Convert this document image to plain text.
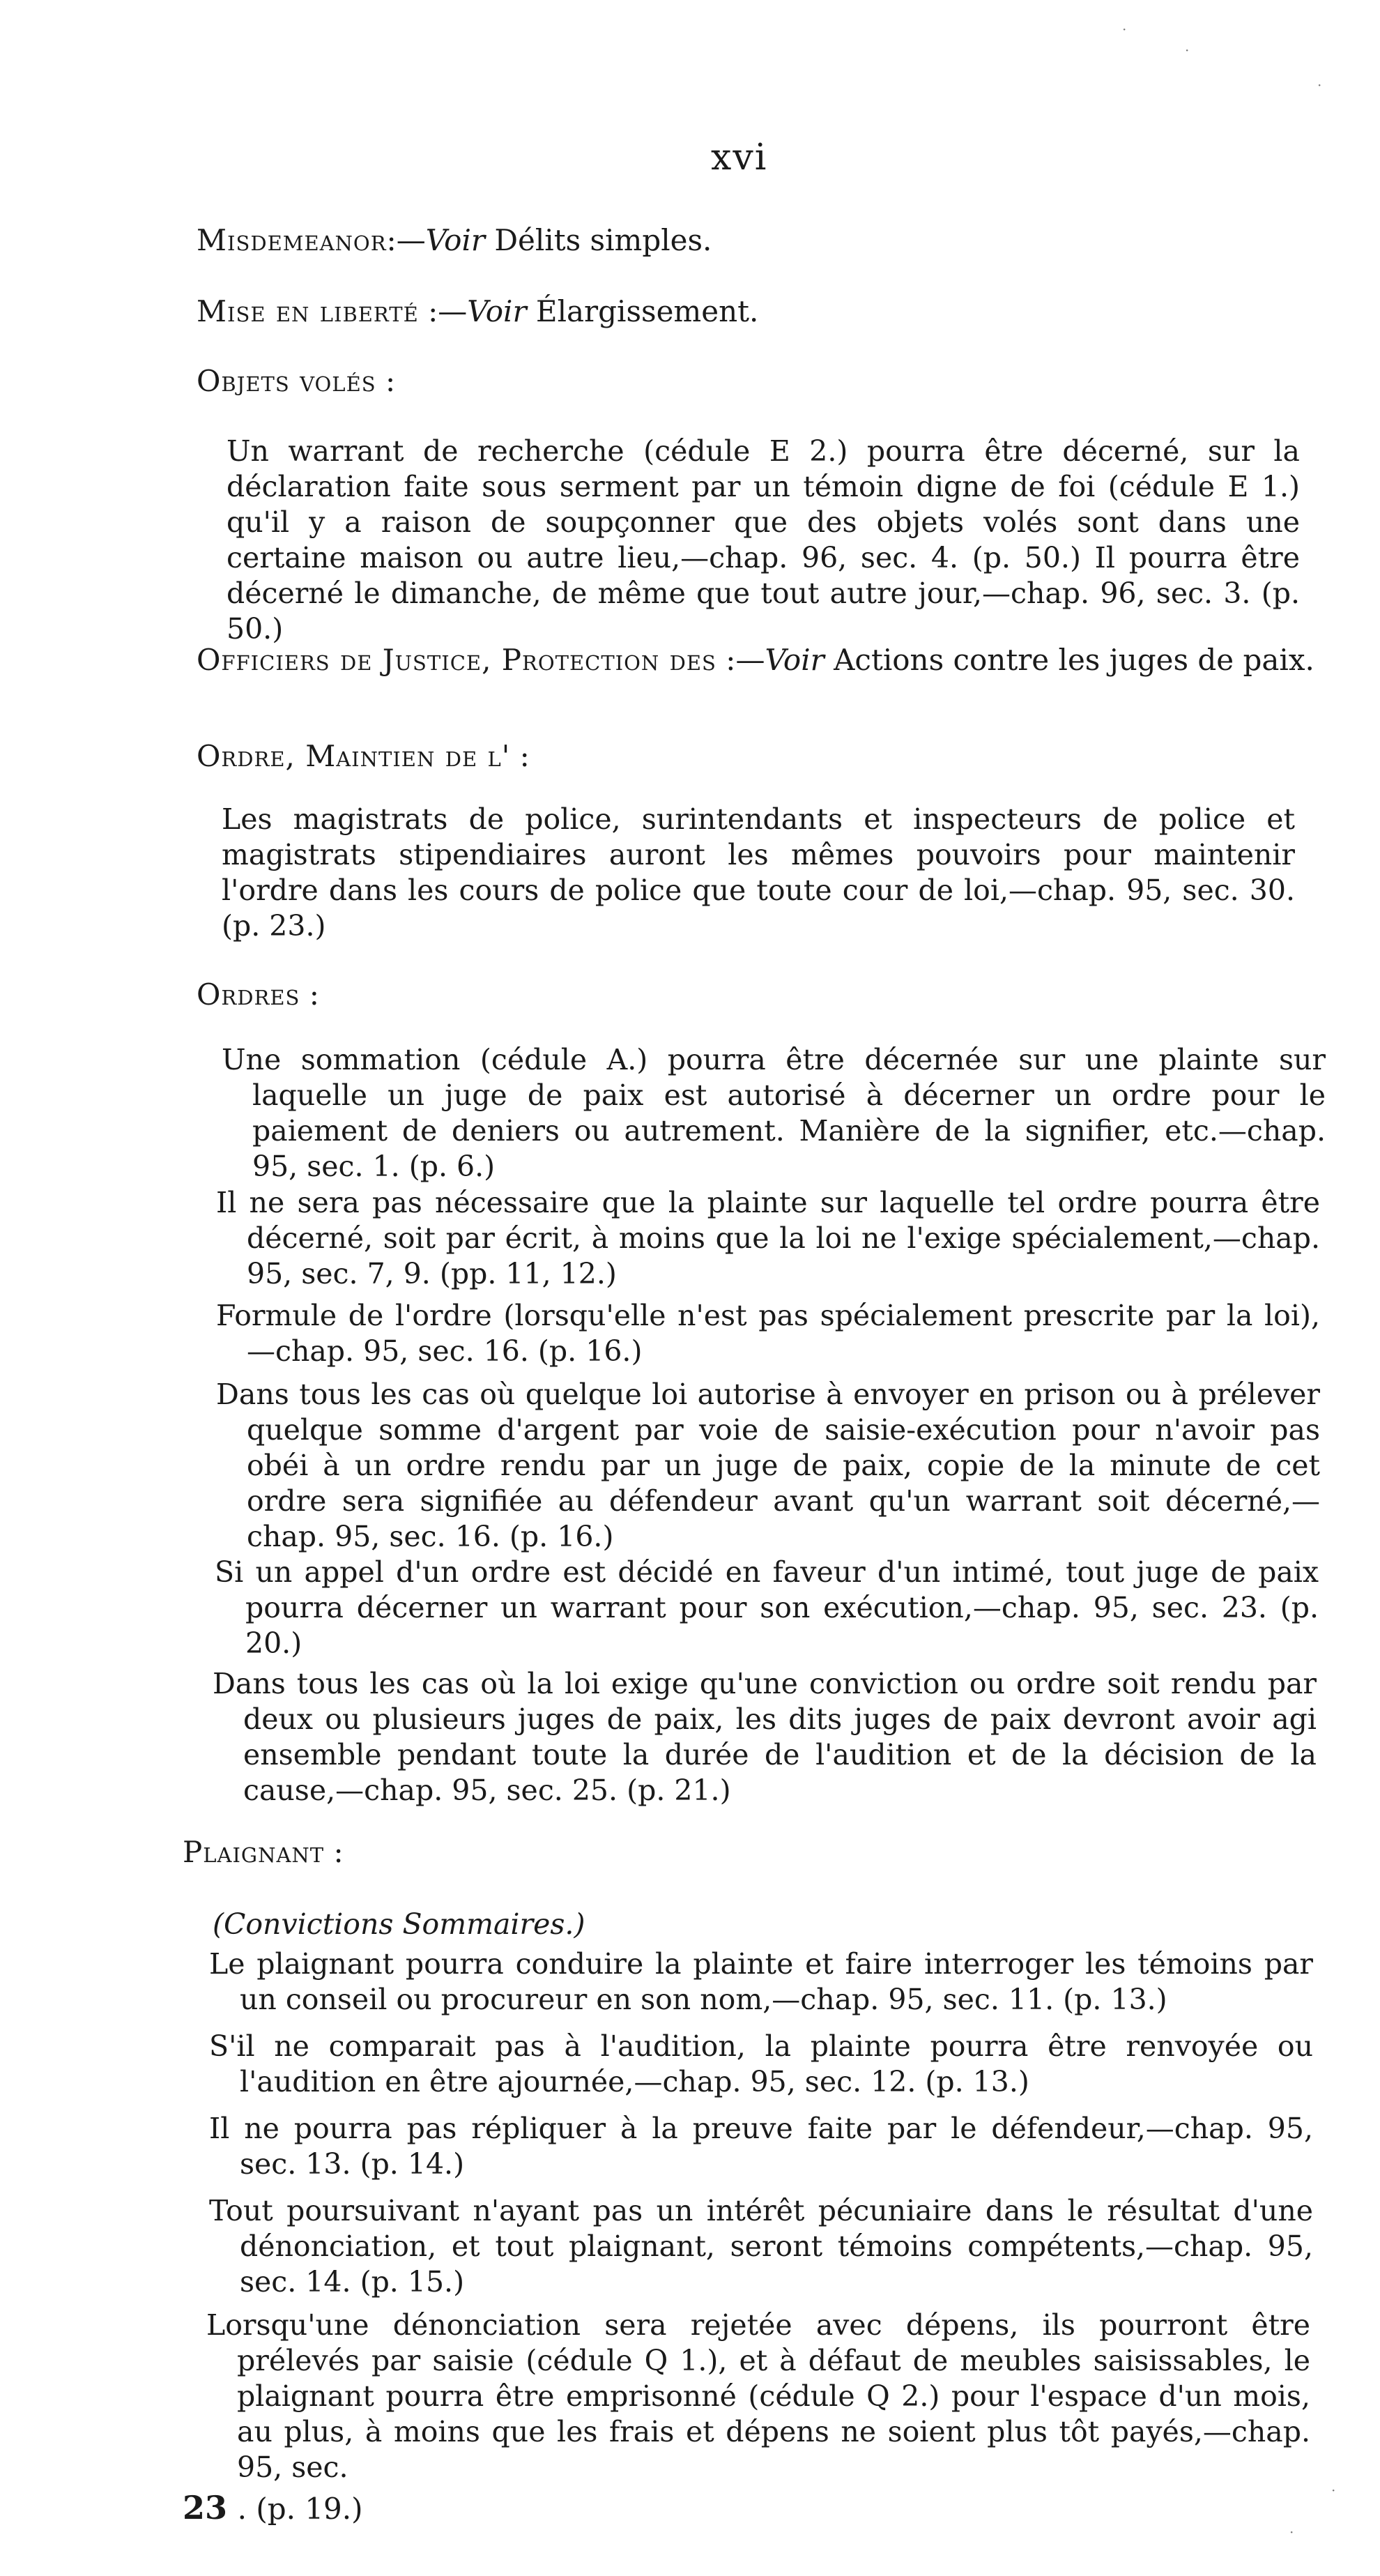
xvi

Misdemeanor:—Voir Délits simples.

Mise en liberté :—Voir Élargissement.

Objets volés :

Un warrant de recherche (cédule E 2.) pourra être décerné, sur la déclaration faite sous serment par un témoin digne de foi (cédule E 1.) qu'il y a raison de soupçonner que des objets volés sont dans une certaine maison ou autre lieu,—chap. 96, sec. 4. (p. 50.) Il pourra être décerné le dimanche, de même que tout autre jour,—chap. 96, sec. 3. (p. 50.)

Officiers de Justice, Protection des :—Voir Actions contre les juges de paix.

Ordre, Maintien de l' :

Les magistrats de police, surintendants et inspecteurs de police et magistrats stipendiaires auront les mêmes pouvoirs pour maintenir l'ordre dans les cours de police que toute cour de loi,—chap. 95, sec. 30. (p. 23.)

Ordres :

Une sommation (cédule A.) pourra être décernée sur une plainte sur laquelle un juge de paix est autorisé à décerner un ordre pour le paiement de deniers ou autrement. Manière de la signifier, etc.—chap. 95, sec. 1. (p. 6.)

Il ne sera pas nécessaire que la plainte sur laquelle tel ordre pourra être décerné, soit par écrit, à moins que la loi ne l'exige spécialement,—chap. 95, sec. 7, 9. (pp. 11, 12.)

Formule de l'ordre (lorsqu'elle n'est pas spécialement prescrite par la loi),—chap. 95, sec. 16. (p. 16.)

Dans tous les cas où quelque loi autorise à envoyer en prison ou à prélever quelque somme d'argent par voie de saisie-exécution pour n'avoir pas obéi à un ordre rendu par un juge de paix, copie de la minute de cet ordre sera signifiée au défendeur avant qu'un warrant soit décerné,—chap. 95, sec. 16. (p. 16.)

Si un appel d'un ordre est décidé en faveur d'un intimé, tout juge de paix pourra décerner un warrant pour son exécution,—chap. 95, sec. 23. (p. 20.)

Dans tous les cas où la loi exige qu'une conviction ou ordre soit rendu par deux ou plusieurs juges de paix, les dits juges de paix devront avoir agi ensemble pendant toute la durée de l'audition et de la décision de la cause,—chap. 95, sec. 25. (p. 21.)

Plaignant :

(Convictions Sommaires.)

Le plaignant pourra conduire la plainte et faire interroger les témoins par un conseil ou procureur en son nom,—chap. 95, sec. 11. (p. 13.)

S'il ne comparait pas à l'audition, la plainte pourra être renvoyée ou l'audition en être ajournée,—chap. 95, sec. 12. (p. 13.)

Il ne pourra pas répliquer à la preuve faite par le défendeur,—chap. 95, sec. 13. (p. 14.)

Tout poursuivant n'ayant pas un intérêt pécuniaire dans le résultat d'une dénonciation, et tout plaignant, seront témoins compétents,—chap. 95, sec. 14. (p. 15.)

Lorsqu'une dénonciation sera rejetée avec dépens, ils pourront être prélevés par saisie (cédule Q 1.), et à défaut de meubles saisissables, le plaignant pourra être emprisonné (cédule Q 2.) pour l'espace d'un mois, au plus, à moins que les frais et dépens ne soient plus tôt payés,—chap. 95, sec.

23 . (p. 19.)
·
·
·
·
·
